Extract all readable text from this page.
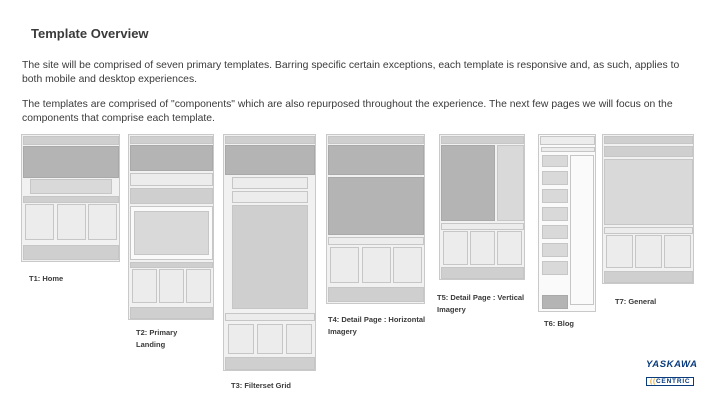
Template Overview
The site will be comprised of seven primary templates. Barring specific certain exceptions, each template is responsive and, as such, applies to both mobile and desktop experiences.
The templates are comprised of "components" which are also repurposed throughout the experience. The next few pages we will focus on the components that comprise each template.
T1: Home
T2: Primary Landing
T3: Filterset Grid
T4: Detail Page : Horizontal Imagery
T5: Detail Page : Vertical Imagery
T6: Blog
T7: General
YASKAWA
((CENTRIC
